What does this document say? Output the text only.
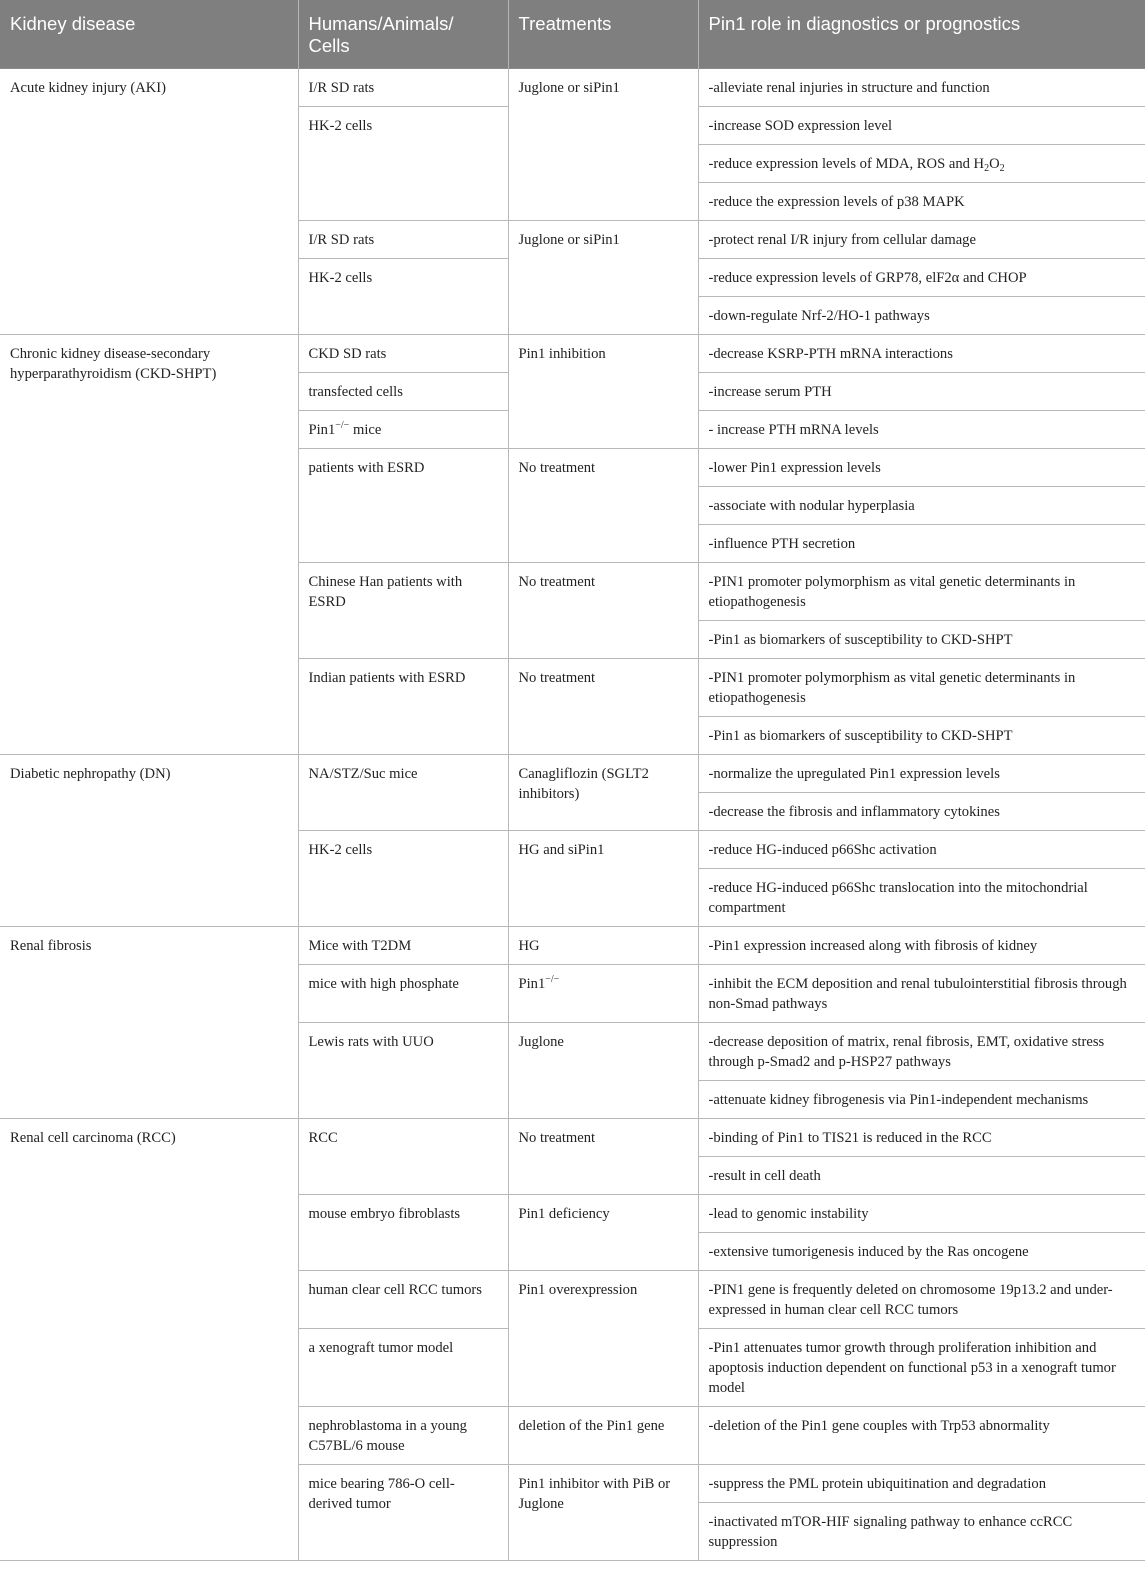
Kidney disease	Humans/Animals/ Cells	Treatments	Pin1 role in diagnostics or prognostics
Acute kidney injury (AKI)	I/R SD rats	Juglone or siPin1	-alleviate renal injuries in structure and function
	HK-2 cells		-increase SOD expression level
			-reduce expression levels of MDA, ROS and $H_2O_2$
			-reduce the expression levels of p38 MAPK
	I/R SD rats	Juglone or siPin1	-protect renal I/R injury from cellular damage
	HK-2 cells		-reduce expression levels of GRP78, elF2α and CHOP
			-down-regulate Nrf-2/HO-1 pathways
Chronic kidney disease-secondary hyperparathyroidism (CKD-SHPT)	CKD SD rats	Pin1 inhibition	-decrease KSRP-PTH mRNA interactions
	transfected cells		-increase serum PTH
	Pin1−/− mice		- increase PTH mRNA levels
	patients with ESRD	No treatment	-lower Pin1 expression levels
			-associate with nodular hyperplasia
			-influence PTH secretion
	Chinese Han patients with ESRD	No treatment	-PIN1 promoter polymorphism as vital genetic determinants in etiopathogenesis
			-Pin1 as biomarkers of susceptibility to CKD-SHPT
	Indian patients with ESRD	No treatment	-PIN1 promoter polymorphism as vital genetic determinants in etiopathogenesis
			-Pin1 as biomarkers of susceptibility to CKD-SHPT
Diabetic nephropathy (DN)	NA/STZ/Suc mice	Canagliflozin (SGLT2 inhibitors)	-normalize the upregulated Pin1 expression levels
			-decrease the fibrosis and inflammatory cytokines
	HK-2 cells	HG and siPin1	-reduce HG-induced p66Shc activation
			-reduce HG-induced p66Shc translocation into the mitochondrial compartment
Renal fibrosis	Mice with T2DM	HG	-Pin1 expression increased along with fibrosis of kidney
	mice with high phosphate	Pin1−/−	-inhibit the ECM deposition and renal tubulointerstitial fibrosis through non-Smad pathways
	Lewis rats with UUO	Juglone	-decrease deposition of matrix, renal fibrosis, EMT, oxidative stress through p-Smad2 and p-HSP27 pathways
			-attenuate kidney fibrogenesis via Pin1-independent mechanisms
Renal cell carcinoma (RCC)	RCC	No treatment	-binding of Pin1 to TIS21 is reduced in the RCC
			-result in cell death
	mouse embryo fibroblasts	Pin1 deficiency	-lead to genomic instability
			-extensive tumorigenesis induced by the Ras oncogene
	human clear cell RCC tumors	Pin1 overexpression	-PIN1 gene is frequently deleted on chromosome 19p13.2 and under-expressed in human clear cell RCC tumors
	a xenograft tumor model		-Pin1 attenuates tumor growth through proliferation inhibition and apoptosis induction dependent on functional p53 in a xenograft tumor model
	nephroblastoma in a young C57BL/6 mouse	deletion of the Pin1 gene	-deletion of the Pin1 gene couples with Trp53 abnormality
	mice bearing 786-O cell-derived tumor	Pin1 inhibitor with PiB or Juglone	-suppress the PML protein ubiquitination and degradation
			-inactivated mTOR-HIF signaling pathway to enhance ccRCC suppression
